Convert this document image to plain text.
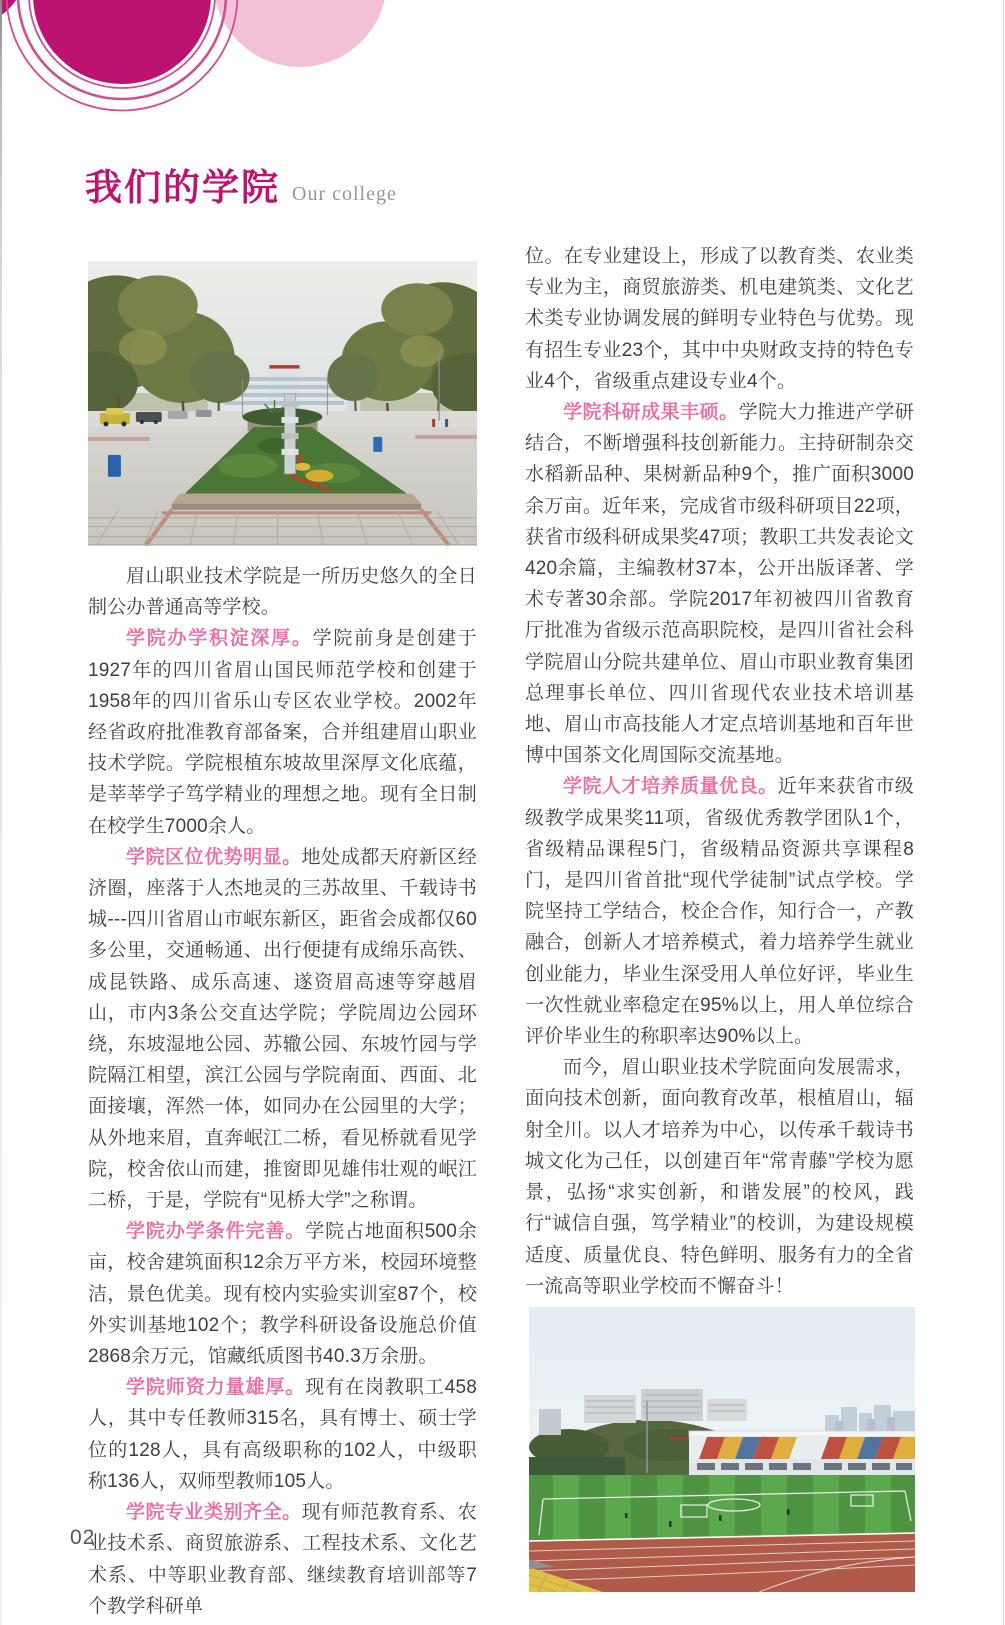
我们的学院 Our college

眉山职业技术学院是一所历史悠久的全日制公办普通高等学校。

学院办学积淀深厚。学院前身是创建于1927年的四川省眉山国民师范学校和创建于1958年的四川省乐山专区农业学校。2002年经省政府批准教育部备案，合并组建眉山职业技术学院。学院根植东坡故里深厚文化底蕴，是莘莘学子笃学精业的理想之地。现有全日制在校学生7000余人。

学院区位优势明显。地处成都天府新区经济圈，座落于人杰地灵的三苏故里、千载诗书城---四川省眉山市岷东新区，距省会成都仅60多公里，交通畅通、出行便捷有成绵乐高铁、成昆铁路、成乐高速、遂资眉高速等穿越眉山，市内3条公交直达学院；学院周边公园环绕，东坡湿地公园、苏辙公园、东坡竹园与学院隔江相望，滨江公园与学院南面、西面、北面接壤，浑然一体，如同办在公园里的大学；从外地来眉，直奔岷江二桥，看见桥就看见学院，校舍依山而建，推窗即见雄伟壮观的岷江二桥，于是，学院有“见桥大学”之称谓。

学院办学条件完善。学院占地面积500余亩，校舍建筑面积12余万平方米，校园环境整洁，景色优美。现有校内实验实训室87个，校外实训基地102个；教学科研设备设施总价值2868余万元，馆藏纸质图书40.3万余册。

学院师资力量雄厚。现有在岗教职工458人，其中专任教师315名，具有博士、硕士学位的128人，具有高级职称的102人，中级职称136人，双师型教师105人。

学院专业类别齐全。现有师范教育系、农业技术系、商贸旅游系、工程技术系、文化艺术系、中等职业教育部、继续教育培训部等7个教学科研单

位。在专业建设上，形成了以教育类、农业类专业为主，商贸旅游类、机电建筑类、文化艺术类专业协调发展的鲜明专业特色与优势。现有招生专业23个，其中中央财政支持的特色专业4个，省级重点建设专业4个。

学院科研成果丰硕。学院大力推进产学研结合，不断增强科技创新能力。主持研制杂交水稻新品种、果树新品种9个，推广面积3000余万亩。近年来，完成省市级科研项目22项，获省市级科研成果奖47项；教职工共发表论文420余篇，主编教材37本，公开出版译著、学术专著30余部。学院2017年初被四川省教育厅批准为省级示范高职院校，是四川省社会科学院眉山分院共建单位、眉山市职业教育集团总理事长单位、四川省现代农业技术培训基地、眉山市高技能人才定点培训基地和百年世博中国茶文化周国际交流基地。

学院人才培养质量优良。近年来获省市级级教学成果奖11项，省级优秀教学团队1个，省级精品课程5门，省级精品资源共享课程8门，是四川省首批“现代学徒制”试点学校。学院坚持工学结合，校企合作，知行合一，产教融合，创新人才培养模式，着力培养学生就业创业能力，毕业生深受用人单位好评，毕业生一次性就业率稳定在95%以上，用人单位综合评价毕业生的称职率达90%以上。

而今，眉山职业技术学院面向发展需求，面向技术创新，面向教育改革，根植眉山，辐射全川。以人才培养为中心，以传承千载诗书城文化为己任，以创建百年“常青藤”学校为愿景，弘扬“求实创新，和谐发展”的校风，践行“诚信自强，笃学精业”的校训，为建设规模适度、质量优良、特色鲜明、服务有力的全省一流高等职业学校而不懈奋斗！

02
